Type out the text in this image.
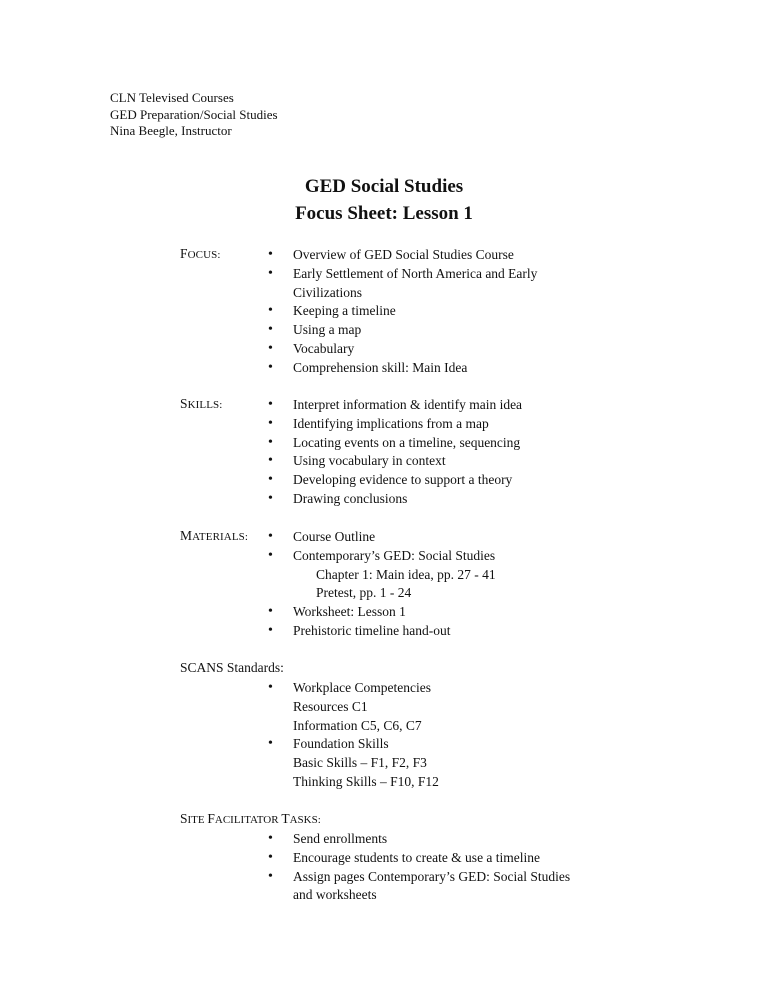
CLN Televised Courses
GED Preparation/Social Studies
Nina Beegle, Instructor
GED Social Studies
Focus Sheet: Lesson 1
FOCUS:	• Overview of GED Social Studies Course
• Early Settlement of North America and Early
Civilizations
• Keeping a timeline
• Using a map
• Vocabulary
• Comprehension skill: Main Idea
SKILLS:	• Interpret information & identify main idea
• Identifying implications from a map
• Locating events on a timeline, sequencing
• Using vocabulary in context
• Developing evidence to support a theory
• Drawing conclusions
MATERIALS: • Course Outline
• Contemporary’s GED: Social Studies
Chapter 1: Main idea, pp. 27 - 41
Pretest, pp. 1 - 24
• Worksheet: Lesson 1
• Prehistoric timeline hand-out
SCANS Standards:
• Workplace Competencies
Resources C1
Information C5, C6, C7
• Foundation Skills
Basic Skills – F1, F2, F3
Thinking Skills – F10, F12
SITE FACILITATOR TASKS:
• Send enrollments
• Encourage students to create & use a timeline
• Assign pages Contemporary’s GED: Social Studies
and worksheets
